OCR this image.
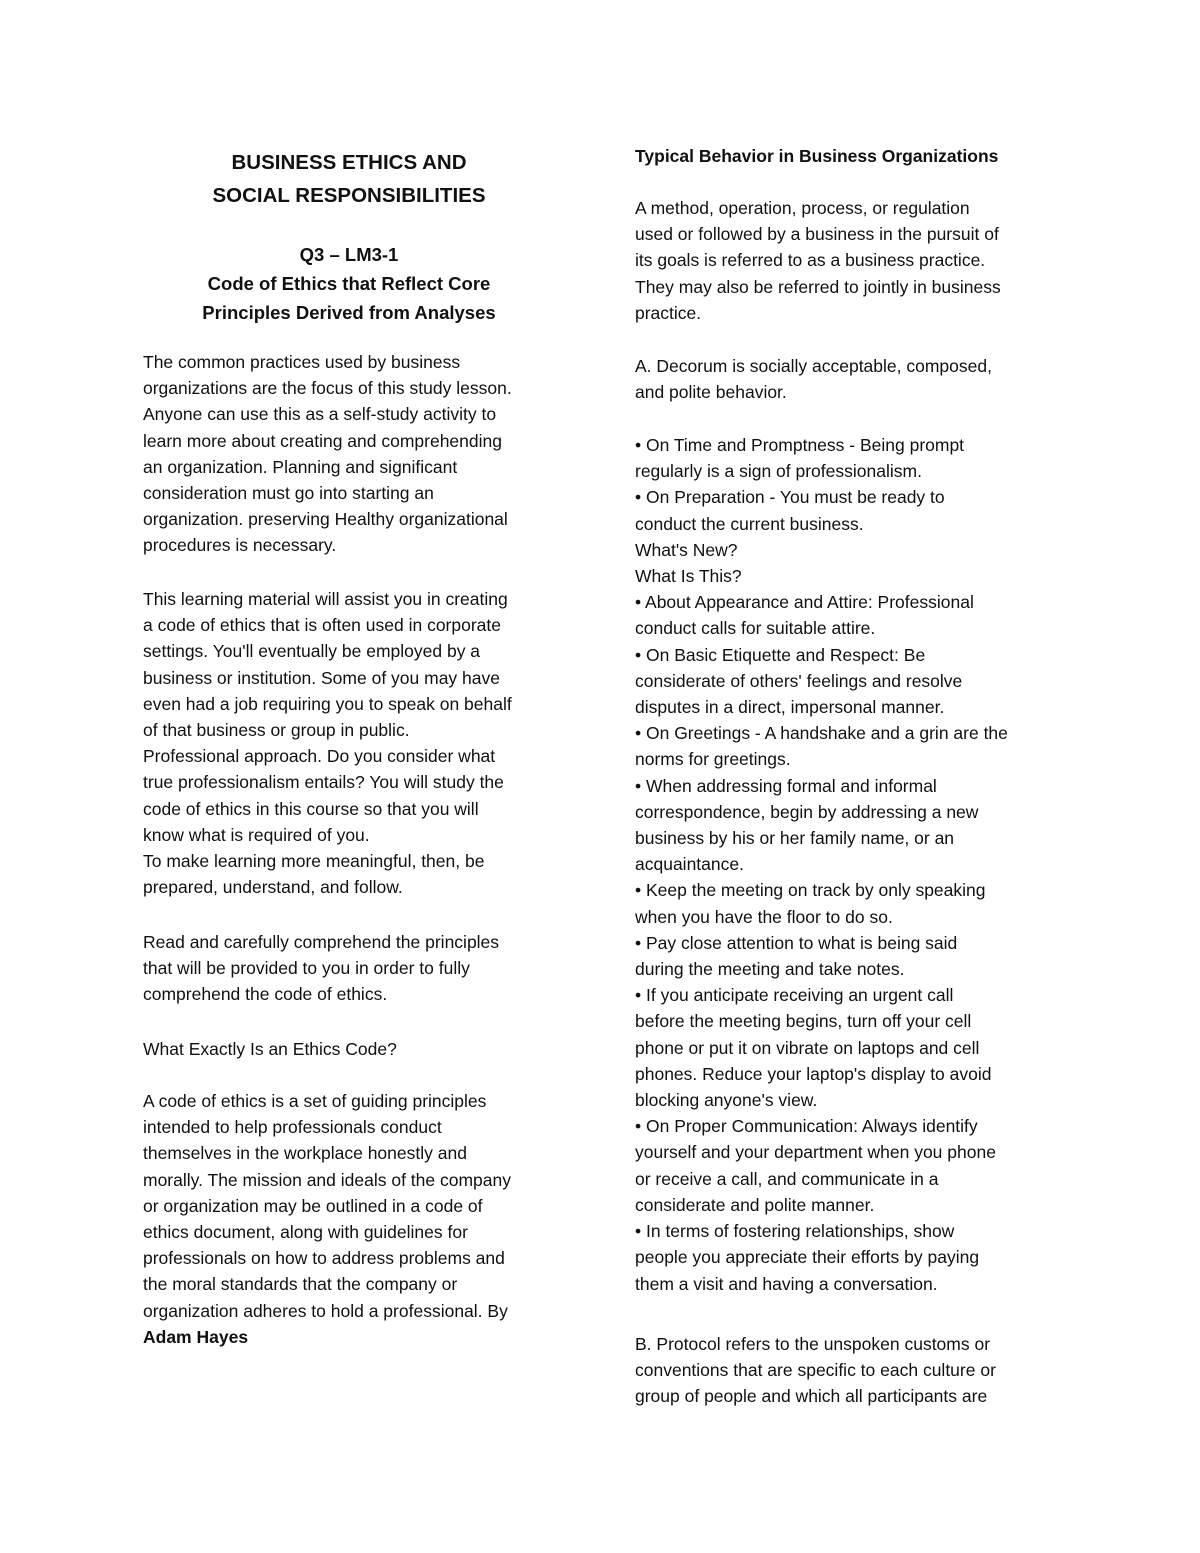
BUSINESS ETHICS AND
SOCIAL RESPONSIBILITIES
Q3 – LM3-1
Code of Ethics that Reflect Core
Principles Derived from Analyses
The common practices used by business
organizations are the focus of this study lesson.
Anyone can use this as a self-study activity to
learn more about creating and comprehending
an organization. Planning and significant
consideration must go into starting an
organization. preserving Healthy organizational
procedures is necessary.
This learning material will assist you in creating
a code of ethics that is often used in corporate
settings. You'll eventually be employed by a
business or institution. Some of you may have
even had a job requiring you to speak on behalf
of that business or group in public.
Professional approach. Do you consider what
true professionalism entails? You will study the
code of ethics in this course so that you will
know what is required of you.
To make learning more meaningful, then, be
prepared, understand, and follow.
Read and carefully comprehend the principles
that will be provided to you in order to fully
comprehend the code of ethics.
What Exactly Is an Ethics Code?
A code of ethics is a set of guiding principles
intended to help professionals conduct
themselves in the workplace honestly and
morally. The mission and ideals of the company
or organization may be outlined in a code of
ethics document, along with guidelines for
professionals on how to address problems and
the moral standards that the company or
organization adheres to hold a professional. By
Adam Hayes
Typical Behavior in Business Organizations
A method, operation, process, or regulation
used or followed by a business in the pursuit of
its goals is referred to as a business practice.
They may also be referred to jointly in business
practice.
A. Decorum is socially acceptable, composed,
and polite behavior.
• On Time and Promptness - Being prompt
regularly is a sign of professionalism.
• On Preparation - You must be ready to
conduct the current business.
What's New?
What Is This?
• About Appearance and Attire: Professional
conduct calls for suitable attire.
• On Basic Etiquette and Respect: Be
considerate of others' feelings and resolve
disputes in a direct, impersonal manner.
• On Greetings - A handshake and a grin are the
norms for greetings.
• When addressing formal and informal
correspondence, begin by addressing a new
business by his or her family name, or an
acquaintance.
• Keep the meeting on track by only speaking
when you have the floor to do so.
• Pay close attention to what is being said
during the meeting and take notes.
• If you anticipate receiving an urgent call
before the meeting begins, turn off your cell
phone or put it on vibrate on laptops and cell
phones. Reduce your laptop's display to avoid
blocking anyone's view.
• On Proper Communication: Always identify
yourself and your department when you phone
or receive a call, and communicate in a
considerate and polite manner.
• In terms of fostering relationships, show
people you appreciate their efforts by paying
them a visit and having a conversation.
B. Protocol refers to the unspoken customs or
conventions that are specific to each culture or
group of people and which all participants are
